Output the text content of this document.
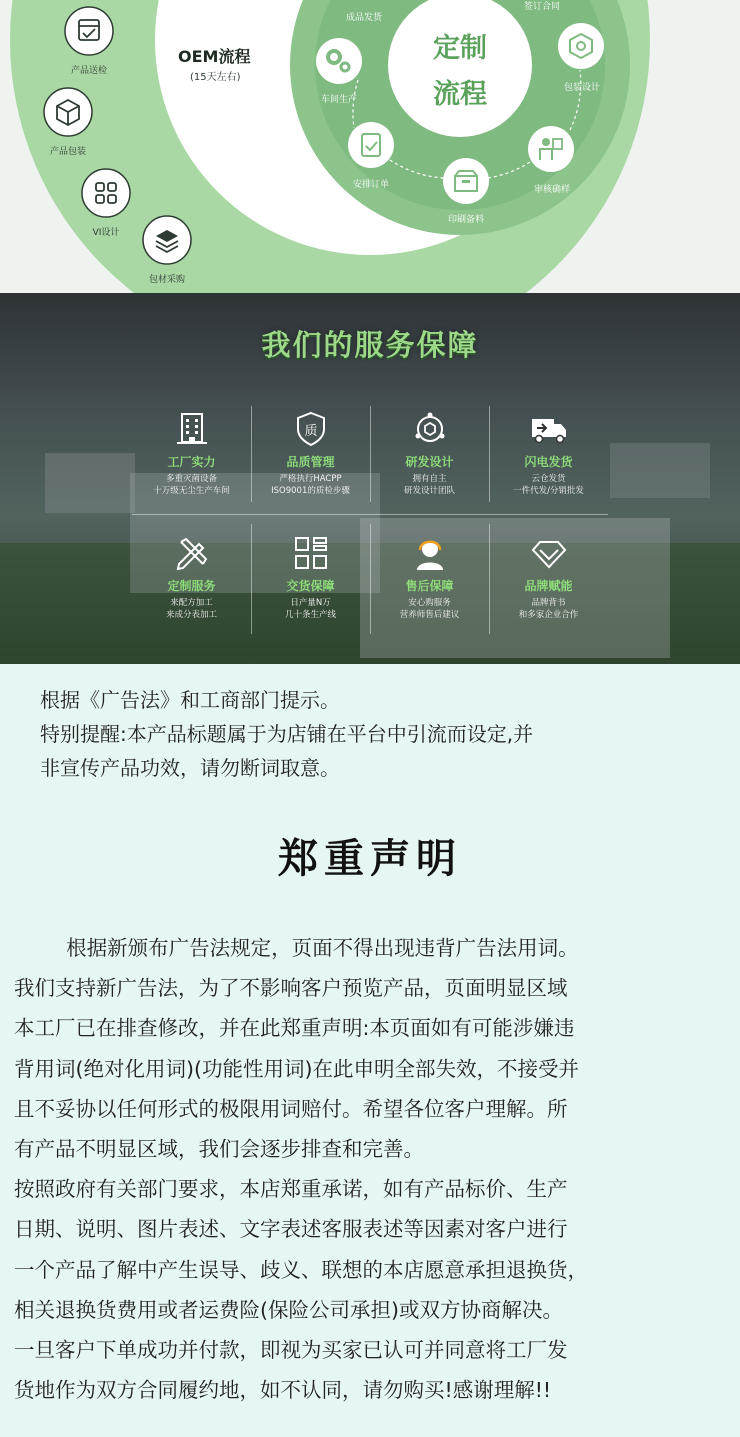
OEM流程
(15天左右)
定制
流程
产品送检
产品包装
VI设计
包材采购
成品发货
签订合同
车间生产
包装设计
安排订单	审核确样
印刷备料
我们的服务保障
工厂实力
多重灭菌设备
十万级无尘生产车间
质
品质管理
严格执行HACPP
ISO9001的质检步骤
研发设计
拥有自主
研发设计团队
闪电发货
云仓发货
一件代发/分销批发
定制服务
来配方加工
来成分表加工
交货保障
日产量N万
几十条生产线
售后保障
安心购服务
营养师售后建议
品牌赋能
品牌背书
和多家企业合作
根据《广告法》和工商部门提示。
特别提醒:本产品标题属于为店铺在平台中引流而设定,并
非宣传产品功效，请勿断词取意。
郑重声明
根据新颁布广告法规定，页面不得出现违背广告法用词。
我们支持新广告法，为了不影响客户预览产品，页面明显区域
本工厂已在排查修改，并在此郑重声明:本页面如有可能涉嫌违
背用词(绝对化用词)(功能性用词)在此申明全部失效，不接受并
且不妥协以任何形式的极限用词赔付。希望各位客户理解。所
有产品不明显区域，我们会逐步排查和完善。
按照政府有关部门要求，本店郑重承诺，如有产品标价、生产
日期、说明、图片表述、文字表述客服表述等因素对客户进行
一个产品了解中产生误导、歧义、联想的本店愿意承担退换货，
相关退换货费用或者运费险(保险公司承担)或双方协商解决。
一旦客户下单成功并付款，即视为买家已认可并同意将工厂发
货地作为双方合同履约地，如不认同，请勿购买!感谢理解!!
